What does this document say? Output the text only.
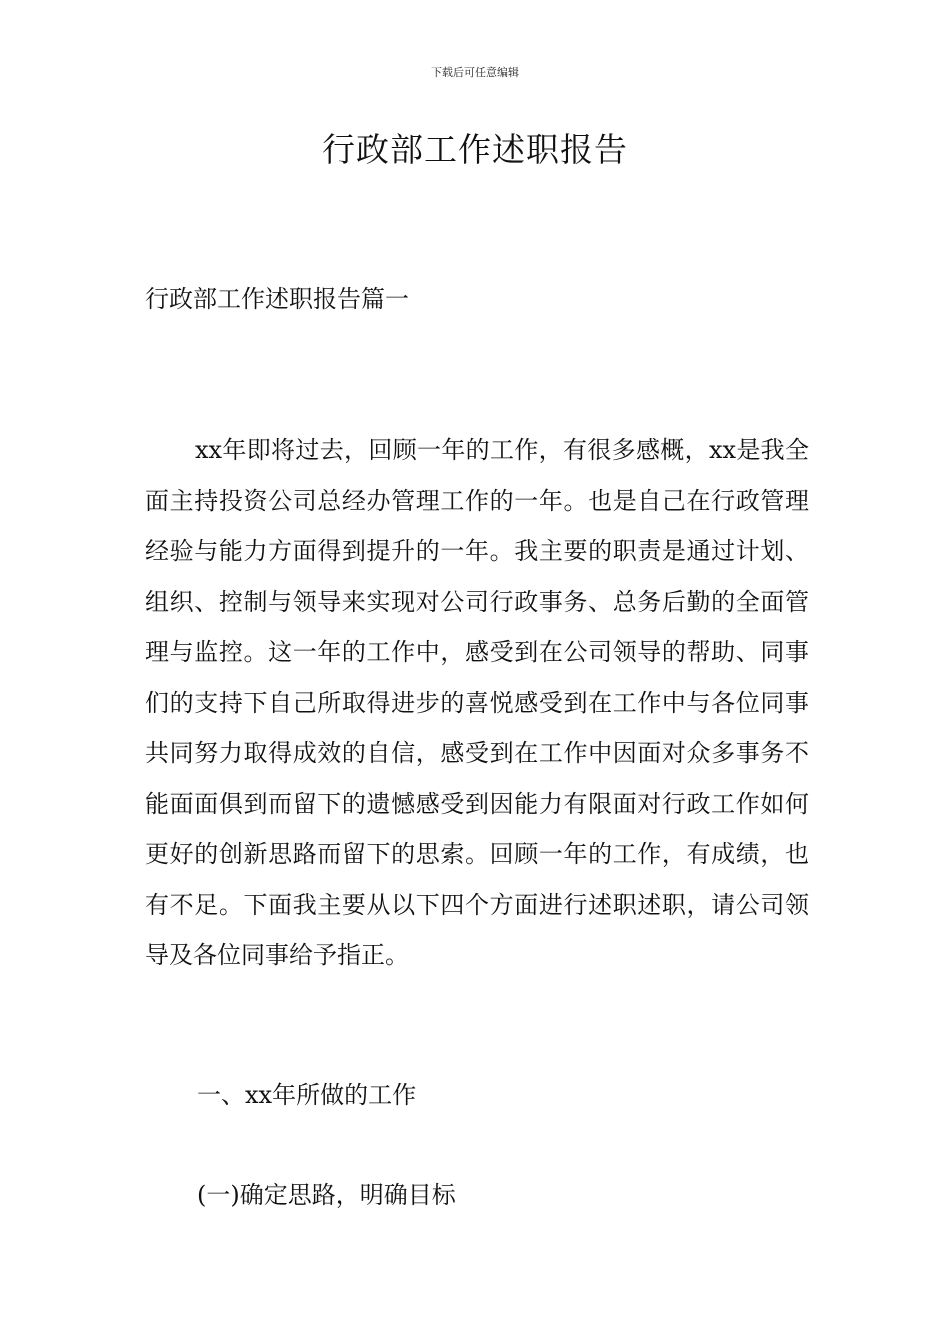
下载后可任意编辑
行政部工作述职报告
行政部工作述职报告篇一

xx年即将过去，回顾一年的工作，有很多感概，xx是我全面主持投资公司总经办管理工作的一年。也是自己在行政管理经验与能力方面得到提升的一年。我主要的职责是通过计划、组织、控制与领导来实现对公司行政事务、总务后勤的全面管理与监控。这一年的工作中，感受到在公司领导的帮助、同事们的支持下自己所取得进步的喜悦感受到在工作中与各位同事共同努力取得成效的自信，感受到在工作中因面对众多事务不能面面俱到而留下的遗憾感受到因能力有限面对行政工作如何更好的创新思路而留下的思索。回顾一年的工作，有成绩，也有不足。下面我主要从以下四个方面进行述职述职，请公司领导及各位同事给予指正。

一、xx年所做的工作
(一)确定思路，明确目标
